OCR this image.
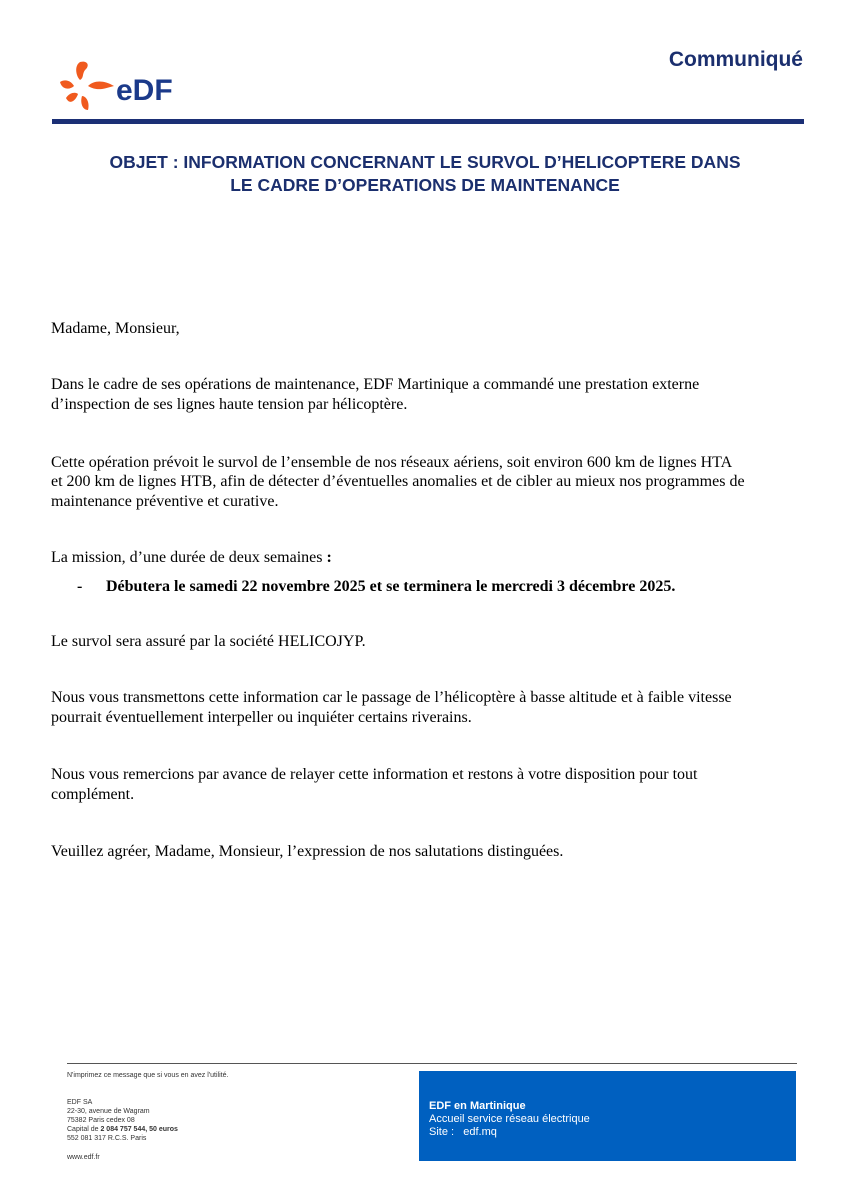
eDF
Communiqué
OBJET : INFORMATION CONCERNANT LE SURVOL D’HELICOPTERE DANS
LE CADRE D’OPERATIONS DE MAINTENANCE
Madame, Monsieur,
Dans le cadre de ses opérations de maintenance, EDF Martinique a commandé une prestation externe
d’inspection de ses lignes haute tension par hélicoptère.
Cette opération prévoit le survol de l’ensemble de nos réseaux aériens, soit environ 600 km de lignes HTA
et 200 km de lignes HTB, afin de détecter d’éventuelles anomalies et de cibler au mieux nos programmes de
maintenance préventive et curative.
La mission, d’une durée de deux semaines :
- Débutera le samedi 22 novembre 2025 et se terminera le mercredi 3 décembre 2025.
Le survol sera assuré par la société HELICOJYP.
Nous vous transmettons cette information car le passage de l’hélicoptère à basse altitude et à faible vitesse
pourrait éventuellement interpeller ou inquiéter certains riverains.
Nous vous remercions par avance de relayer cette information et restons à votre disposition pour tout
complément.
Veuillez agréer, Madame, Monsieur, l’expression de nos salutations distinguées.
N'imprimez ce message que si vous en avez l'utilité.
EDF SA
22-30, avenue de Wagram
75382 Paris cedex 08
Capital de 2 084 757 544, 50 euros
552 081 317 R.C.S. Paris
www.edf.fr
EDF en Martinique
Accueil service réseau électrique
Site :   edf.mq
